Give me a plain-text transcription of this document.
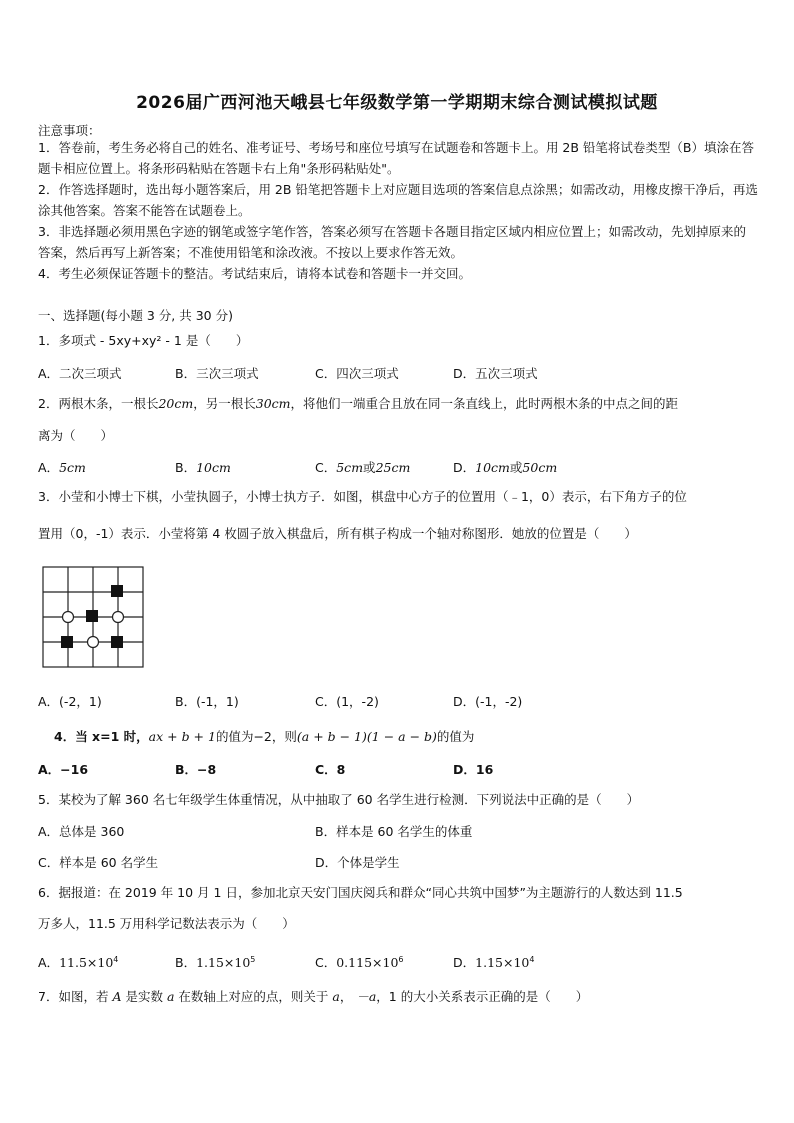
2026届广西河池天峨县七年级数学第一学期期末综合测试模拟试题
注意事项：
1．答卷前，考生务必将自己的姓名、准考证号、考场号和座位号填写在试题卷和答题卡上。用 2B 铅笔将试卷类型（B）填涂在答题卡相应位置上。将条形码粘贴在答题卡右上角"条形码粘贴处"。
2．作答选择题时，选出每小题答案后，用 2B 铅笔把答题卡上对应题目选项的答案信息点涂黑；如需改动，用橡皮擦干净后，再选涂其他答案。答案不能答在试题卷上。
3．非选择题必须用黑色字迹的钢笔或签字笔作答，答案必须写在答题卡各题目指定区域内相应位置上；如需改动，先划掉原来的答案，然后再写上新答案；不准使用铅笔和涂改液。不按以上要求作答无效。
4．考生必须保证答题卡的整洁。考试结束后，请将本试卷和答题卡一并交回。
一、选择题(每小题 3 分, 共 30 分)
1．多项式 - 5xy+xy² - 1 是（　　）
A．二次三项式	B．三次三项式	C．四次三项式	D．五次三项式
2．两根木条，一根长20cm，另一根长30cm，将他们一端重合且放在同一条直线上，此时两根木条的中点之间的距
离为（　　）
A．5cm	B．10cm	C．5cm或25cm	D．10cm或50cm
3．小莹和小博士下棋，小莹执圆子，小博士执方子．如图，棋盘中心方子的位置用（﹣1，0）表示，右下角方子的位
置用（0，-1）表示．小莹将第 4 枚圆子放入棋盘后，所有棋子构成一个轴对称图形．她放的位置是（　　）
A．(-2，1)	B．(-1，1)	C．(1，-2)	D．(-1，-2)
4．当 x=1 时，ax + b + 1的值为−2，则(a + b − 1)(1 − a − b)的值为
A．−16	B．−8	C．8	D．16
5．某校为了解 360 名七年级学生体重情况，从中抽取了 60 名学生进行检测．下列说法中正确的是（　　）
A．总体是 360	B．样本是 60 名学生的体重
C．样本是 60 名学生	D．个体是学生
6．据报道：在 2019 年 10 月 1 日，参加北京天安门国庆阅兵和群众“同心共筑中国梦”为主题游行的人数达到 11.5
万多人，11.5 万用科学记数法表示为（　　）
A．$11.5\times 10^4$	B．$1.15\times 10^5$	C．$0.115\times 10^6$	D．$1.15\times 10^4$
7．如图，若 A 是实数 a 在数轴上对应的点，则关于 a， －a，1 的大小关系表示正确的是（　　）
